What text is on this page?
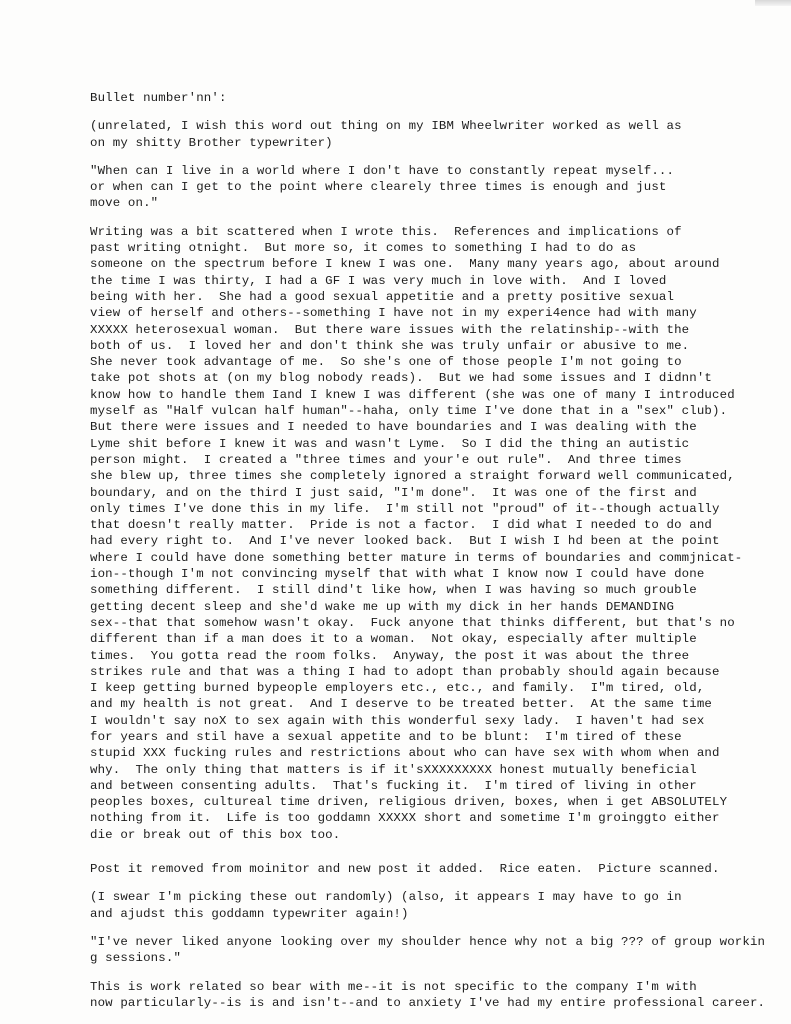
Bullet number'nn':

(unrelated, I wish this word out thing on my IBM Wheelwriter worked as well as
on my shitty Brother typewriter)

"When can I live in a world where I don't have to constantly repeat myself...
or when can I get to the point where clearely three times is enough and just
move on."

Writing was a bit scattered when I wrote this.  References and implications of
past writing otnight.  But more so, it comes to something I had to do as
someone on the spectrum before I knew I was one.  Many many years ago, about around
the time I was thirty, I had a GF I was very much in love with.  And I loved
being with her.  She had a good sexual appetitie and a pretty positive sexual
view of herself and others--something I have not in my experi4ence had with many
XXXXX heterosexual woman.  But there ware issues with the relatinship--with the
both of us.  I loved her and don't think she was truly unfair or abusive to me.
She never took advantage of me.  So she's one of those people I'm not going to
take pot shots at (on my blog nobody reads).  But we had some issues and I didnn't
know how to handle them Iand I knew I was different (she was one of many I introduced
myself as "Half vulcan half human"--haha, only time I've done that in a "sex" club).
But there were issues and I needed to have boundaries and I was dealing with the
Lyme shit before I knew it was and wasn't Lyme.  So I did the thing an autistic
person might.  I created a "three times and your'e out rule".  And three times
she blew up, three times she completely ignored a straight forward well communicated,
boundary, and on the third I just said, "I'm done".  It was one of the first and
only times I've done this in my life.  I'm still not "proud" of it--though actually
that doesn't really matter.  Pride is not a factor.  I did what I needed to do and
had every right to.  And I've never looked back.  But I wish I hd been at the point
where I could have done something better mature in terms of boundaries and commjnicat-
ion--though I'm not convincing myself that with what I know now I could have done
something different.  I still dind't like how, when I was having so much grouble
getting decent sleep and she'd wake me up with my dick in her hands DEMANDING
sex--that that somehow wasn't okay.  Fuck anyone that thinks different, but that's no
different than if a man does it to a woman.  Not okay, especially after multiple
times.  You gotta read the room folks.  Anyway, the post it was about the three
strikes rule and that was a thing I had to adopt than probably should again because
I keep getting burned bypeople employers etc., etc., and family.  I"m tired, old,
and my health is not great.  And I deserve to be treated better.  At the same time
I wouldn't say noX to sex again with this wonderful sexy lady.  I haven't had sex
for years and stil have a sexual appetite and to be blunt:  I'm tired of these
stupid XXX fucking rules and restrictions about who can have sex with whom when and
why.  The only thing that matters is if it'sXXXXXXXXX honest mutually beneficial
and between consenting adults.  That's fucking it.  I'm tired of living in other
peoples boxes, cultureal time driven, religious driven, boxes, when i get ABSOLUTELY
nothing from it.  Life is too goddamn XXXXX short and sometime I'm groinggto either
die or break out of this box too.

Post it removed from moinitor and new post it added.  Rice eaten.  Picture scanned.

(I swear I'm picking these out randomly) (also, it appears I may have to go in
and ajudst this goddamn typewriter again!)

"I've never liked anyone looking over my shoulder hence why not a big ??? of group workin
g sessions."

This is work related so bear with me--it is not specific to the company I'm with
now particularly--is is and isn't--and to anxiety I've had my entire professional career.
